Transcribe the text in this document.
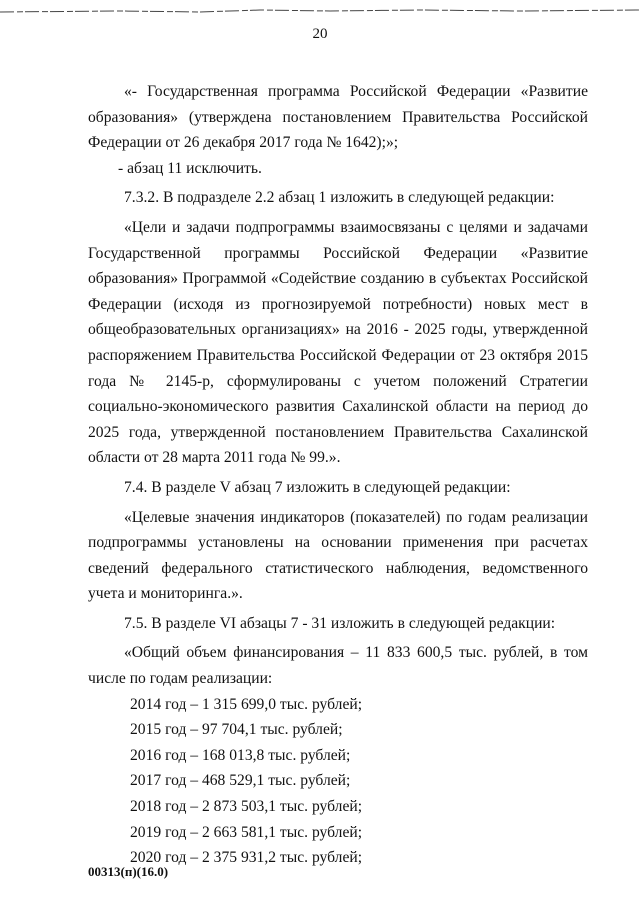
20

«- Государственная программа Российской Федерации «Развитие образования» (утверждена постановлением Правительства Российской Федерации от 26 декабря 2017 года № 1642);»;

- абзац 11 исключить.

7.3.2. В подразделе 2.2 абзац 1 изложить в следующей редакции:

«Цели и задачи подпрограммы взаимосвязаны с целями и задачами Государственной программы Российской Федерации «Развитие образования» Программой «Содействие созданию в субъектах Российской Федерации (исходя из прогнозируемой потребности) новых мест в общеобразовательных организациях» на 2016 - 2025 годы, утвержденной распоряжением Правительства Российской Федерации от 23 октября 2015 года № 2145-р, сформулированы с учетом положений Стратегии социально-экономического развития Сахалинской области на период до 2025 года, утвержденной постановлением Правительства Сахалинской области от 28 марта 2011 года № 99.».

7.4. В разделе V абзац 7 изложить в следующей редакции:

«Целевые значения индикаторов (показателей) по годам реализации подпрограммы установлены на основании применения при расчетах сведений федерального статистического наблюдения, ведомственного учета и мониторинга.».

7.5. В разделе VI абзацы 7 - 31 изложить в следующей редакции:

«Общий объем финансирования – 11 833 600,5 тыс. рублей, в том числе по годам реализации:

2014 год – 1 315 699,0 тыс. рублей;
2015 год – 97 704,1 тыс. рублей;
2016 год – 168 013,8 тыс. рублей;
2017 год – 468 529,1 тыс. рублей;
2018 год – 2 873 503,1 тыс. рублей;
2019 год – 2 663 581,1 тыс. рублей;
2020 год – 2 375 931,2 тыс. рублей;
00313(п)(16.0)
